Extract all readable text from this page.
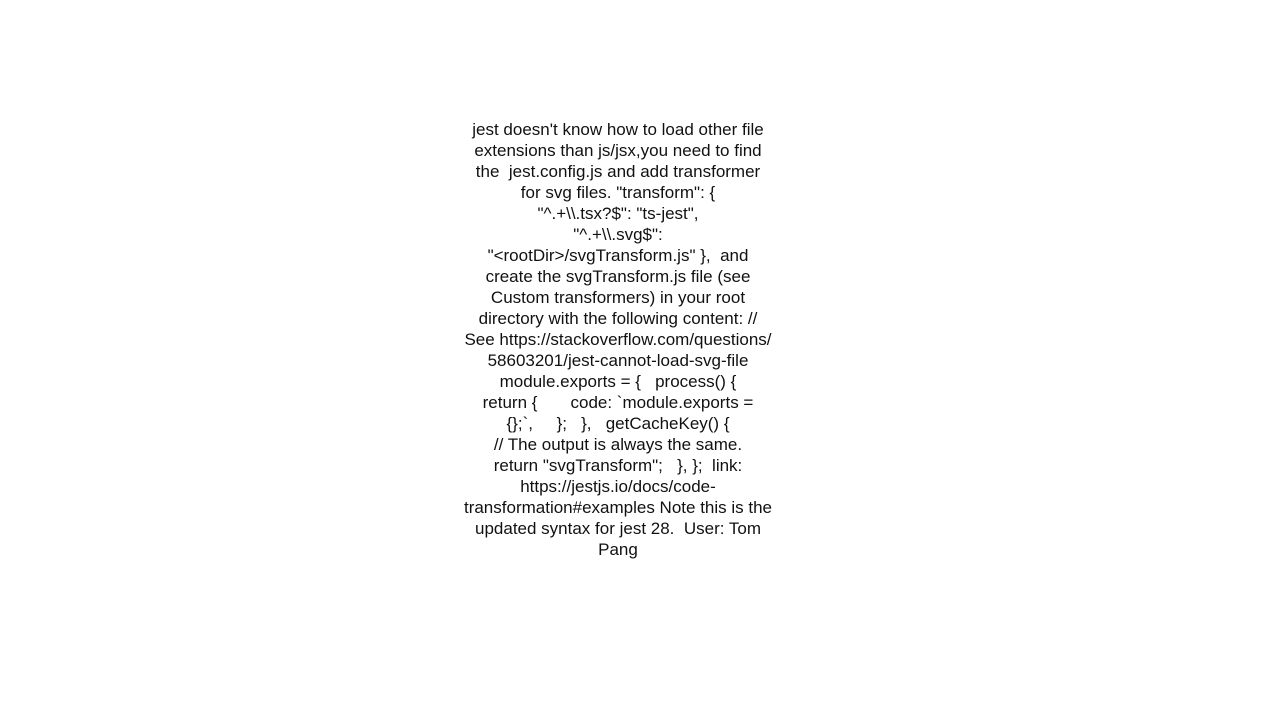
jest doesn't know how to load other file
extensions than js/jsx,you need to find
the  jest.config.js and add transformer
for svg files. "transform": {
"^.+\\.tsx?$": "ts-jest",
"^.+\\.svg$":
"<rootDir>/svgTransform.js" },  and
create the svgTransform.js file (see
Custom transformers) in your root
directory with the following content: //
See https://stackoverflow.com/questions/
58603201/jest-cannot-load-svg-file
module.exports = {   process() {
return {       code: `module.exports =
{};`,     };   },   getCacheKey() {
// The output is always the same.
return "svgTransform";   }, };  link:
https://jestjs.io/docs/code-
transformation#examples Note this is the
updated syntax for jest 28.  User: Tom
Pang
